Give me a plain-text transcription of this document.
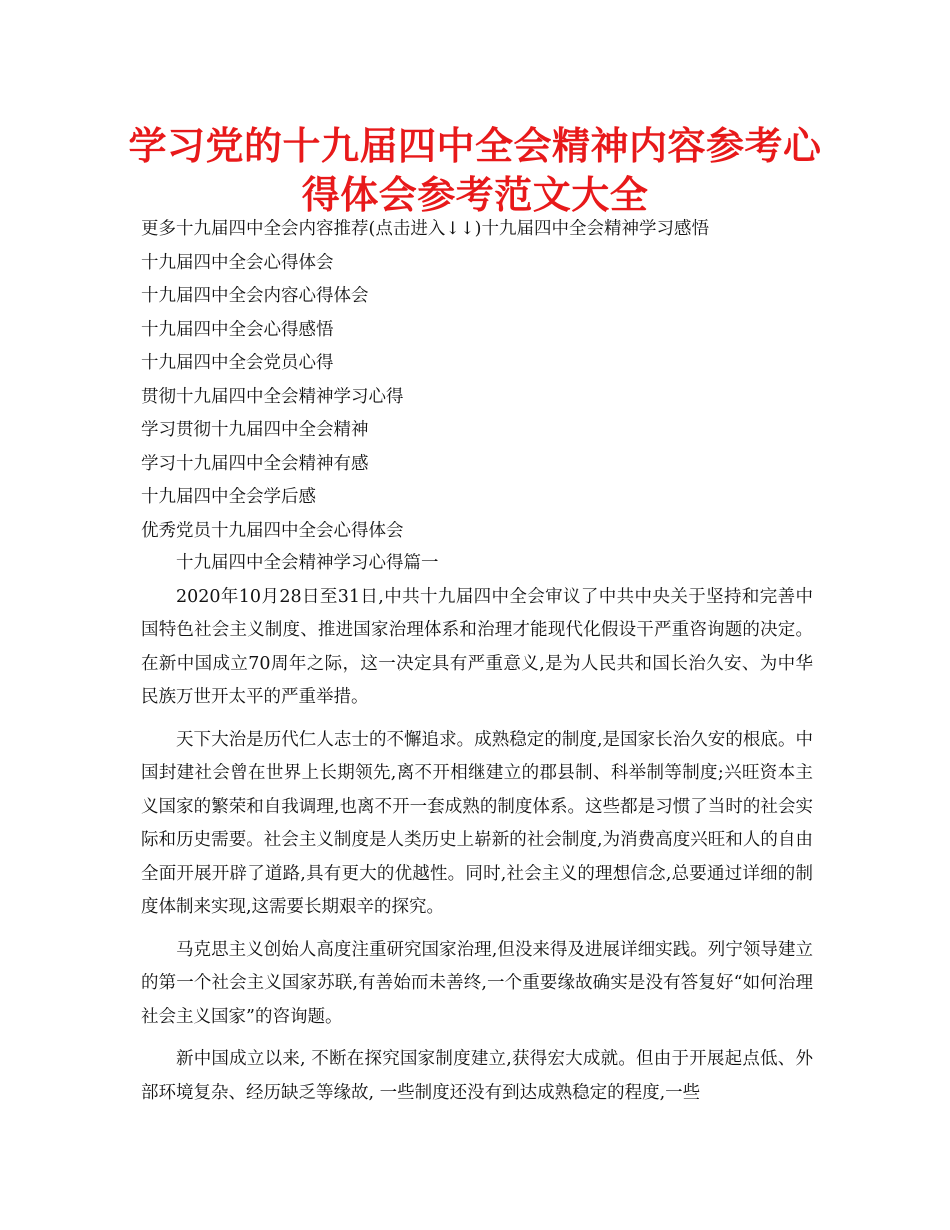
学习党的十九届四中全会精神内容参考心得体会参考范文大全
更多十九届四中全会内容推荐(点击进入↓↓)十九届四中全会精神学习感悟
十九届四中全会心得体会
十九届四中全会内容心得体会
十九届四中全会心得感悟
十九届四中全会党员心得
贯彻十九届四中全会精神学习心得
学习贯彻十九届四中全会精神
学习十九届四中全会精神有感
十九届四中全会学后感
优秀党员十九届四中全会心得体会
十九届四中全会精神学习心得篇一

2020年10月28日至31日,中共十九届四中全会审议了中共中央关于坚持和完善中国特色社会主义制度、推进国家治理体系和治理才能现代化假设干严重咨询题的决定。在新中国成立70周年之际，这一决定具有严重意义,是为人民共和国长治久安、为中华民族万世开太平的严重举措。

天下大治是历代仁人志士的不懈追求。成熟稳定的制度,是国家长治久安的根底。中国封建社会曾在世界上长期领先,离不开相继建立的郡县制、科举制等制度;兴旺资本主义国家的繁荣和自我调理,也离不开一套成熟的制度体系。这些都是习惯了当时的社会实际和历史需要。社会主义制度是人类历史上崭新的社会制度,为消费高度兴旺和人的自由全面开展开辟了道路,具有更大的优越性。同时,社会主义的理想信念,总要通过详细的制度体制来实现,这需要长期艰辛的探究。

马克思主义创始人高度注重研究国家治理,但没来得及进展详细实践。列宁领导建立的第一个社会主义国家苏联,有善始而未善终,一个重要缘故确实是没有答复好“如何治理社会主义国家”的咨询题。

新中国成立以来, 不断在探究国家制度建立,获得宏大成就。但由于开展起点低、外部环境复杂、经历缺乏等缘故, 一些制度还没有到达成熟稳定的程度,一些
